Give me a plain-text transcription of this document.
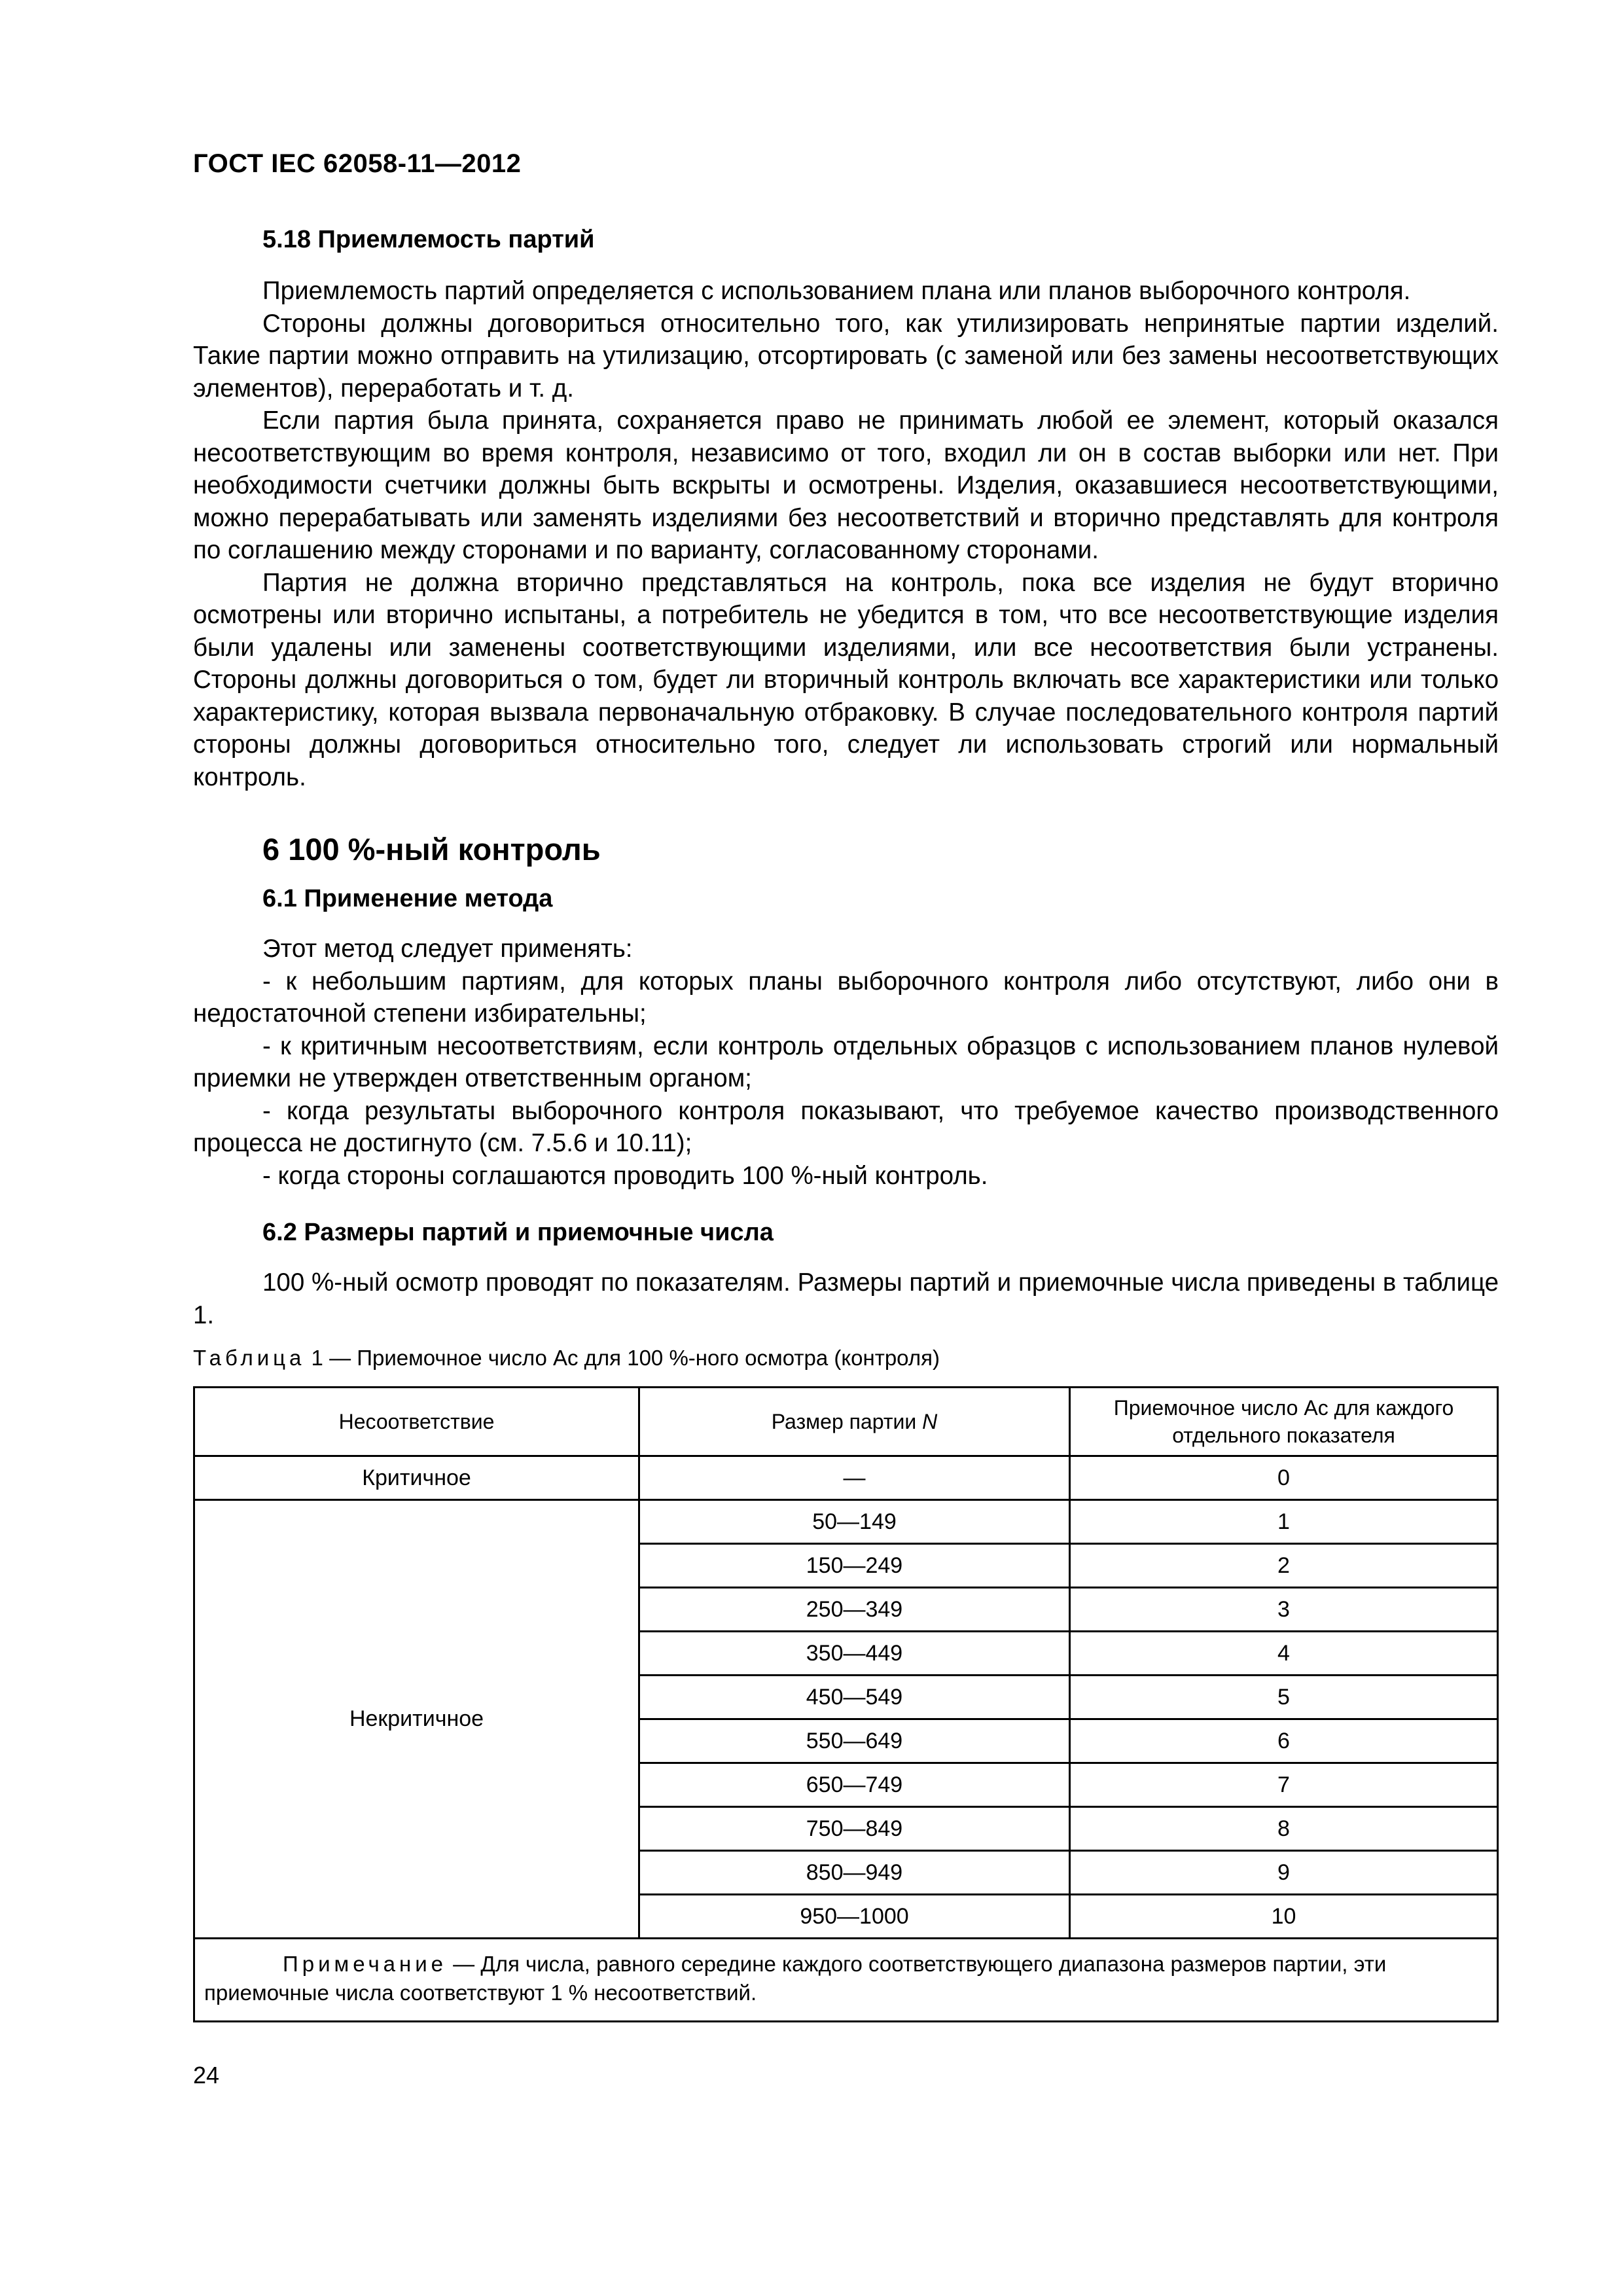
ГОСТ IEC 62058-11—2012
5.18 Приемлемость партий

Приемлемость партий определяется с использованием плана или планов выборочного контроля.

Стороны должны договориться относительно того, как утилизировать непринятые партии изделий. Такие партии можно отправить на утилизацию, отсортировать (с заменой или без замены несоответствующих элементов), переработать и т. д.

Если партия была принята, сохраняется право не принимать любой ее элемент, который оказался несоответствующим во время контроля, независимо от того, входил ли он в состав выборки или нет. При необходимости счетчики должны быть вскрыты и осмотрены. Изделия, оказавшиеся несоответствующими, можно перерабатывать или заменять изделиями без несоответствий и вторично представлять для контроля по соглашению между сторонами и по варианту, согласованному сторонами.

Партия не должна вторично представляться на контроль, пока все изделия не будут вторично осмотрены или вторично испытаны, а потребитель не убедится в том, что все несоответствующие изделия были удалены или заменены соответствующими изделиями, или все несоответствия были устранены. Стороны должны договориться о том, будет ли вторичный контроль включать все характеристики или только характеристику, которая вызвала первоначальную отбраковку. В случае последовательного контроля партий стороны должны договориться относительно того, следует ли использовать строгий или нормальный контроль.

6 100 %-ный контроль
6.1 Применение метода

Этот метод следует применять:

- к небольшим партиям, для которых планы выборочного контроля либо отсутствуют, либо они в недостаточной степени избирательны;

- к критичным несоответствиям, если контроль отдельных образцов с использованием планов нулевой приемки не утвержден ответственным органом;

- когда результаты выборочного контроля показывают, что требуемое качество производственного процесса не достигнуто (см. 7.5.6 и 10.11);

- когда стороны соглашаются проводить 100 %-ный контроль.

6.2 Размеры партий и приемочные числа

100 %-ный осмотр проводят по показателям. Размеры партий и приемочные числа приведены в таблице 1.

Таблица 1 — Приемочное число Ac для 100 %-ного осмотра (контроля)
Несоответствие	Размер партии N	Приемочное число Ac для каждого отдельного показателя
Критичное	—	0
Некритичное	50—149	1
	150—249	2
	250—349	3
	350—449	4
	450—549	5
	550—649	6
	650—749	7
	750—849	8
	850—949	9
	950—1000	10
Примечание — Для числа, равного середине каждого соответствующего диапазона размеров партии, эти приемочные числа соответствуют 1 % несоответствий.		
24
